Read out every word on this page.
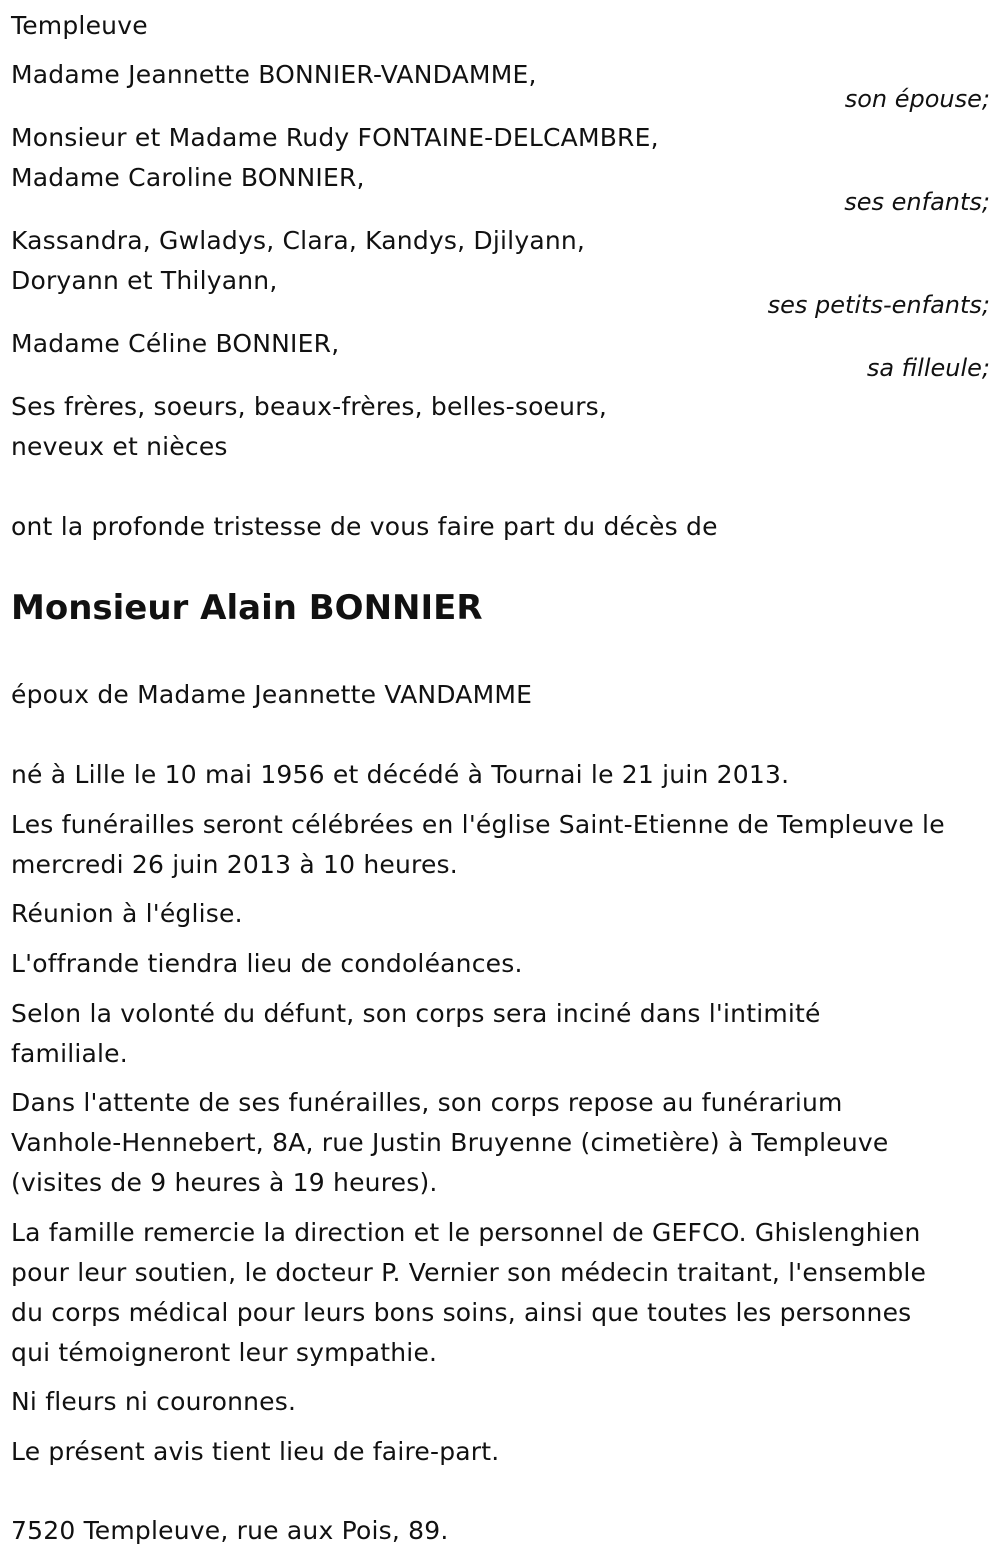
Templeuve
Madame Jeannette BONNIER-VANDAMME,
son épouse;
Monsieur et Madame Rudy FONTAINE-DELCAMBRE,
Madame Caroline BONNIER,
ses enfants;
Kassandra, Gwladys, Clara, Kandys, Djilyann,
Doryann et Thilyann,
ses petits-enfants;
Madame Céline BONNIER,
sa filleule;
Ses frères, soeurs, beaux-frères, belles-soeurs,
neveux et nièces
ont la profonde tristesse de vous faire part du décès de
Monsieur Alain BONNIER
époux de Madame Jeannette VANDAMME
né à Lille le 10 mai 1956 et décédé à Tournai le 21 juin 2013.
Les funérailles seront célébrées en l'église Saint-Etienne de Templeuve le
mercredi 26 juin 2013 à 10 heures.
Réunion à l'église.
L'offrande tiendra lieu de condoléances.
Selon la volonté du défunt, son corps sera inciné dans l'intimité
familiale.
Dans l'attente de ses funérailles, son corps repose au funérarium
Vanhole-Hennebert, 8A, rue Justin Bruyenne (cimetière) à Templeuve
(visites de 9 heures à 19 heures).
La famille remercie la direction et le personnel de GEFCO. Ghislenghien
pour leur soutien, le docteur P. Vernier son médecin traitant, l'ensemble
du corps médical pour leurs bons soins, ainsi que toutes les personnes
qui témoigneront leur sympathie.
Ni fleurs ni couronnes.
Le présent avis tient lieu de faire-part.
7520 Templeuve, rue aux Pois, 89.
